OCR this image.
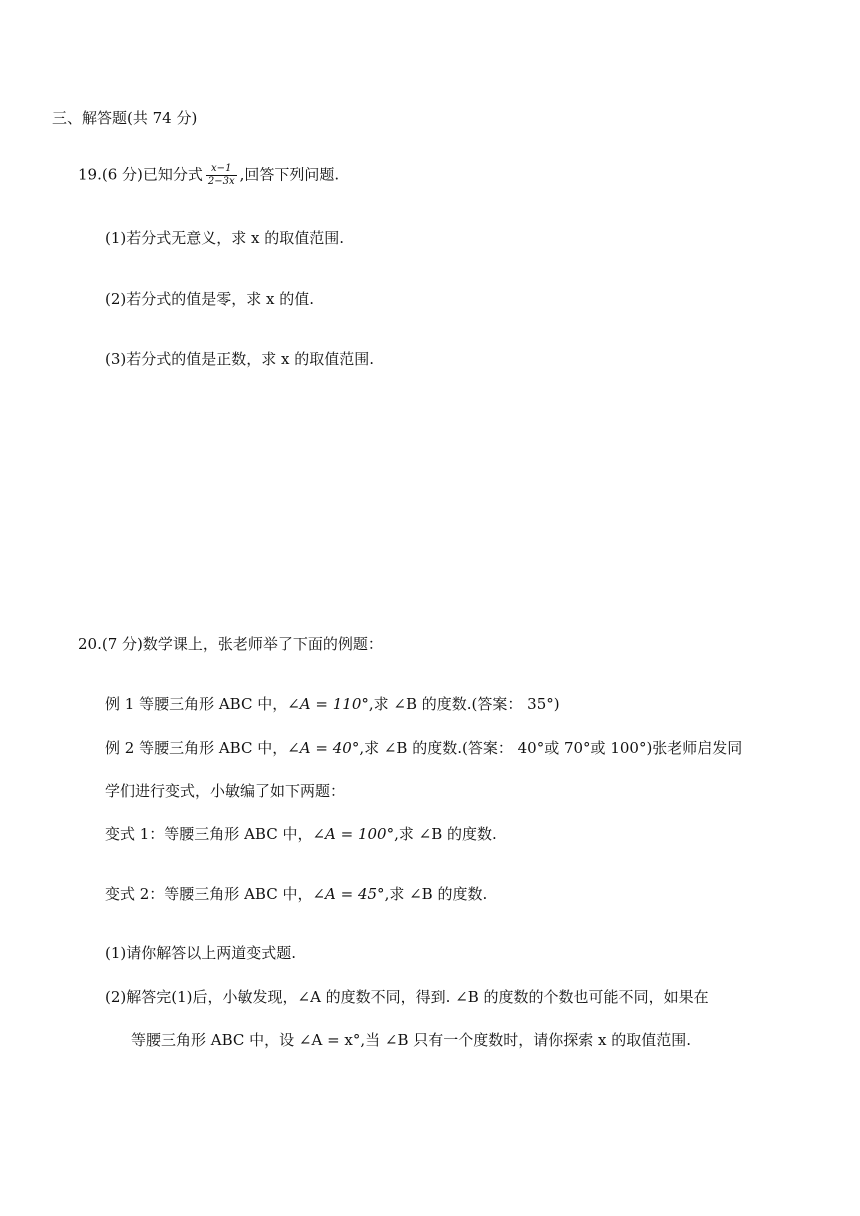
三、解答题(共 74 分)
19.(6 分)已知分式 $\frac{x-1}{2-3x}$ ,回答下列问题.
(1)若分式无意义，求 x 的取值范围.
(2)若分式的值是零，求 x 的值.
(3)若分式的值是正数，求 x 的取值范围.
20.(7 分)数学课上，张老师举了下面的例题：
例 1 等腰三角形 ABC 中，∠A = 110°,求 ∠B 的度数.(答案： 35°)
例 2 等腰三角形 ABC 中，∠A = 40°,求 ∠B 的度数.(答案： 40°或 70°或 100°)张老师启发同
学们进行变式，小敏编了如下两题：
变式 1：等腰三角形 ABC 中，∠A = 100°,求 ∠B 的度数.
变式 2：等腰三角形 ABC 中，∠A = 45°,求 ∠B 的度数.
(1)请你解答以上两道变式题.
(2)解答完(1)后，小敏发现，∠A 的度数不同，得到. ∠B 的度数的个数也可能不同，如果在
等腰三角形 ABC 中，设 ∠A = x°,当 ∠B 只有一个度数时，请你探索 x 的取值范围.
